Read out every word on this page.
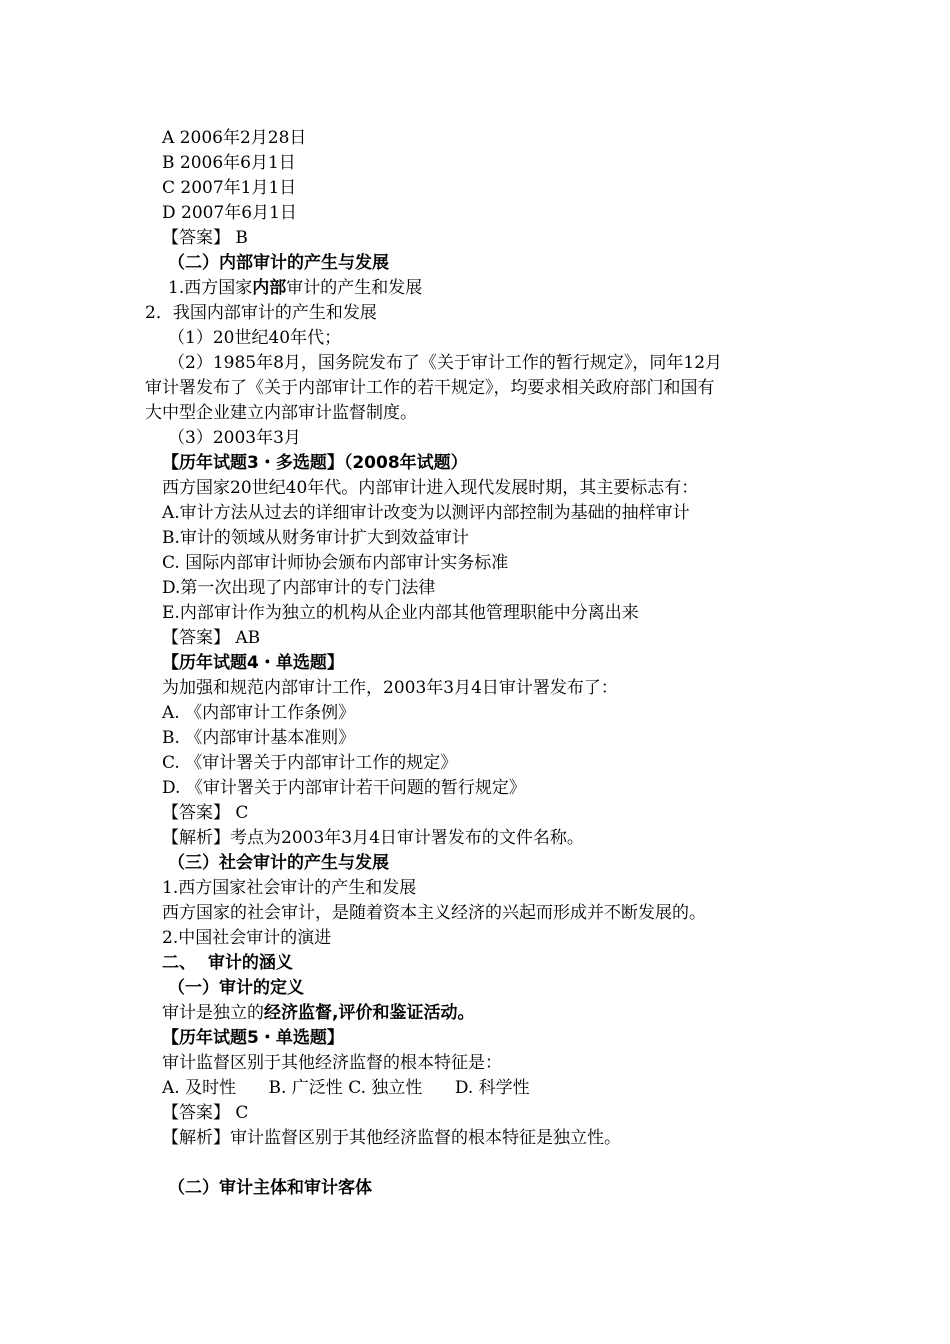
A 2006年2月28日
B 2006年6月1日
C 2007年1月1日
D 2007年6月1日
【答案】 B
（二）内部审计的产生与发展
1.西方国家内部审计的产生和发展
2．我国内部审计的产生和发展
（1）20世纪40年代；
（2）1985年8月，国务院发布了《关于审计工作的暂行规定》，同年12月
审计署发布了《关于内部审计工作的若干规定》，均要求相关政府部门和国有
大中型企业建立内部审计监督制度。
（3）2003年3月
【历年试题3・多选题】（2008年试题）
西方国家20世纪40年代。内部审计进入现代发展时期，其主要标志有：
A.审计方法从过去的详细审计改变为以测评内部控制为基础的抽样审计
B.审计的领域从财务审计扩大到效益审计
C. 国际内部审计师协会颁布内部审计实务标准
D.第一次出现了内部审计的专门法律
E.内部审计作为独立的机构从企业内部其他管理职能中分离出来
【答案】 AB
【历年试题4・单选题】
为加强和规范内部审计工作，2003年3月4日审计署发布了：
A. 《内部审计工作条例》
B. 《内部审计基本准则》
C. 《审计署关于内部审计工作的规定》
D. 《审计署关于内部审计若干问题的暂行规定》
【答案】 C
【解析】考点为2003年3月4日审计署发布的文件名称。
（三）社会审计的产生与发展
1.西方国家社会审计的产生和发展
西方国家的社会审计，是随着资本主义经济的兴起而形成并不断发展的。
2.中国社会审计的演进
二、  审计的涵义
（一）审计的定义
审计是独立的经济监督,评价和鉴证活动。
【历年试题5・单选题】
审计监督区别于其他经济监督的根本特征是：
A. 及时性      B. 广泛性 C. 独立性      D. 科学性
【答案】 C
【解析】审计监督区别于其他经济监督的根本特征是独立性。
（二）审计主体和审计客体
